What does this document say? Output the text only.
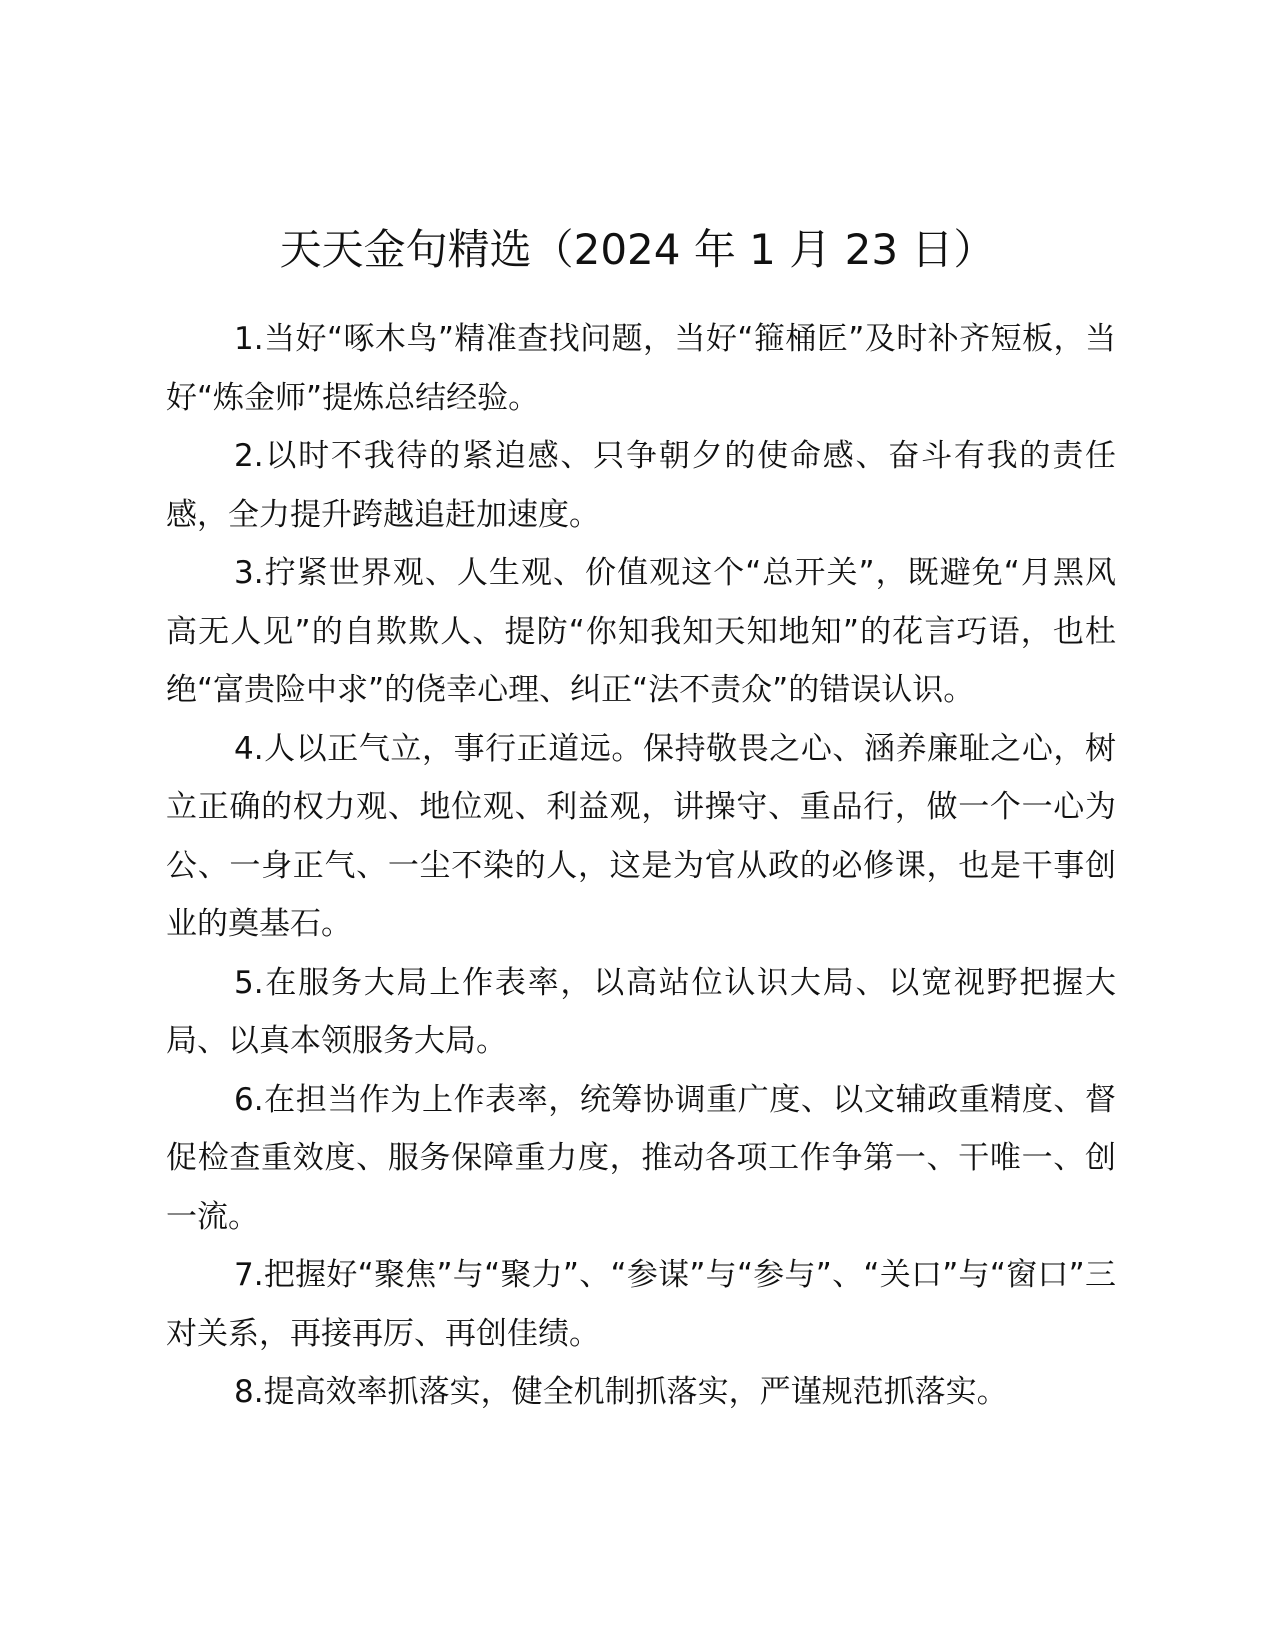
天天金句精选（2024 年 1 月 23 日）

1.当好“啄木鸟”精准查找问题，当好“箍桶匠”及时补齐短板，当好“炼金师”提炼总结经验。

2.以时不我待的紧迫感、只争朝夕的使命感、奋斗有我的责任感，全力提升跨越追赶加速度。

3.拧紧世界观、人生观、价值观这个“总开关”，既避免“月黑风高无人见”的自欺欺人、提防“你知我知天知地知”的花言巧语，也杜绝“富贵险中求”的侥幸心理、纠正“法不责众”的错误认识。

4.人以正气立，事行正道远。保持敬畏之心、涵养廉耻之心，树立正确的权力观、地位观、利益观，讲操守、重品行，做一个一心为公、一身正气、一尘不染的人，这是为官从政的必修课，也是干事创业的奠基石。

5.在服务大局上作表率，以高站位认识大局、以宽视野把握大局、以真本领服务大局。

6.在担当作为上作表率，统筹协调重广度、以文辅政重精度、督促检查重效度、服务保障重力度，推动各项工作争第一、干唯一、创一流。

7.把握好“聚焦”与“聚力”、“参谋”与“参与”、“关口”与“窗口”三对关系，再接再厉、再创佳绩。

8.提高效率抓落实，健全机制抓落实，严谨规范抓落实。
